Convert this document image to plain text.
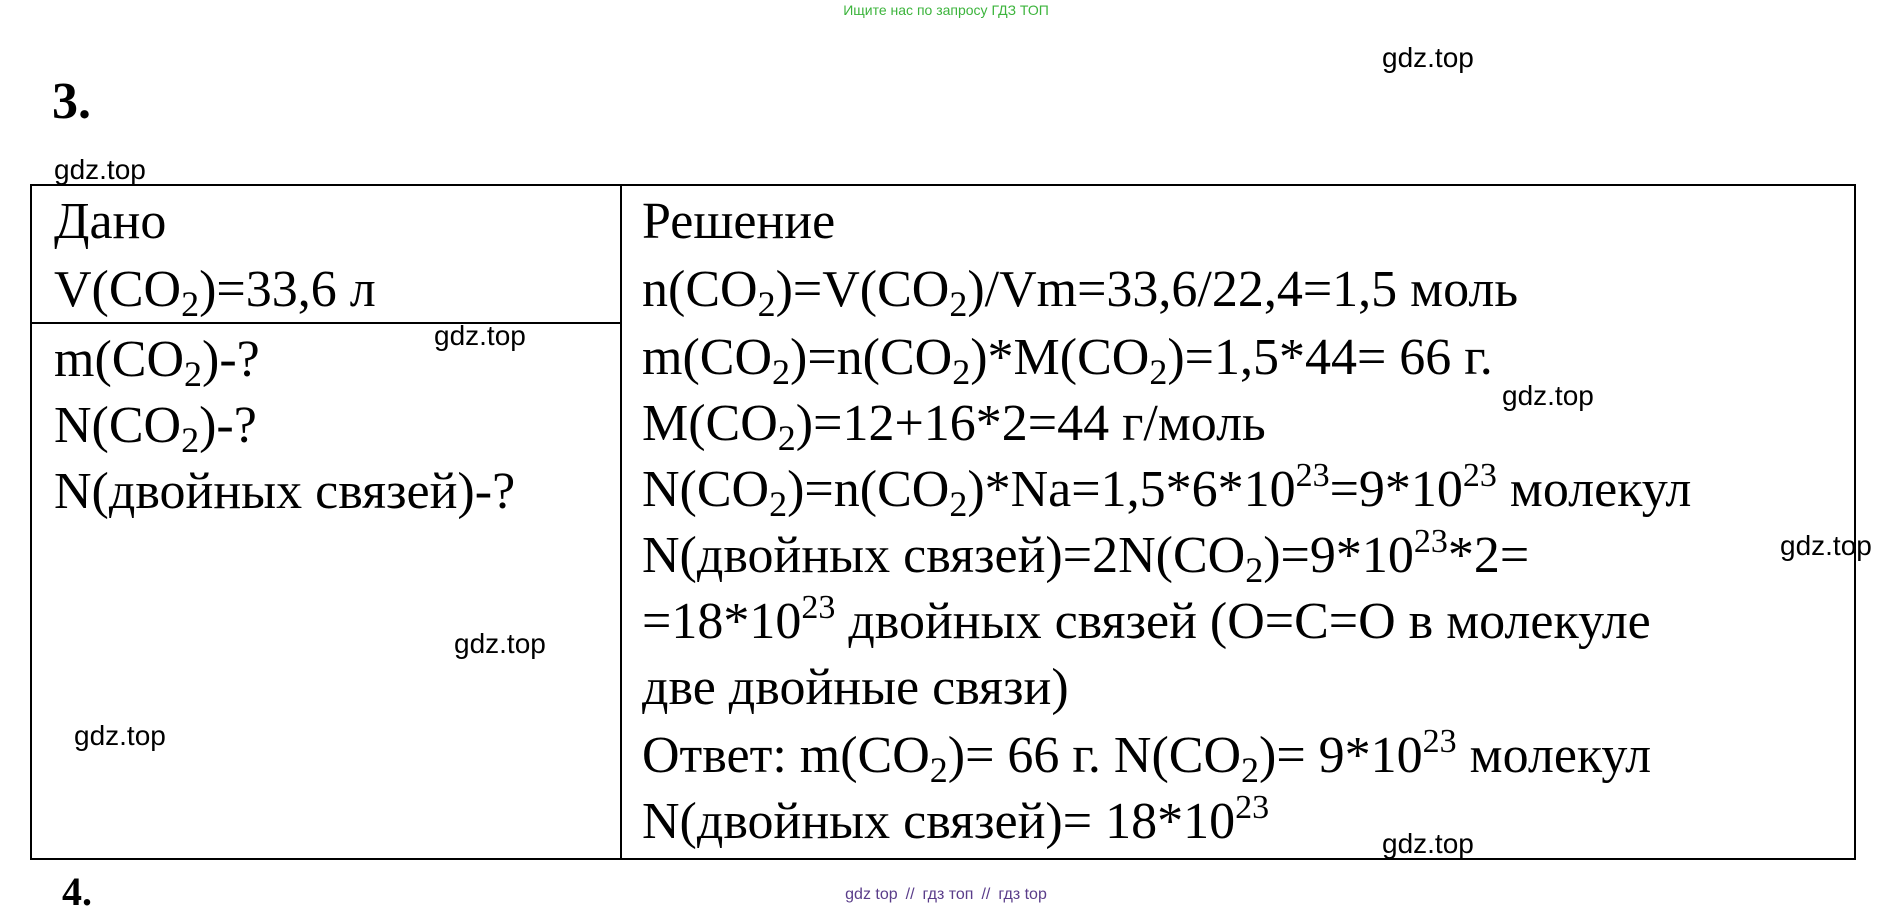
Ищите нас по запросу ГДЗ ТОП
3.
gdz.top
gdz.top
Дано
$V(CO_2)=33,6$ л
$m(CO_2)-$?
$N(CO_2)-$?
N(двойных связей)-?
Решение
$n(CO_2)=V(CO_2)/Vm=33,6/22,4=1,5$ моль
$m(CO_2)=n(CO_2)*M(CO_2)=1,5*44= 66$ г.
$M(CO_2)=12+16*2=44$ г/моль
$N(CO_2)=n(CO_2)*Na=1,5*6*10^{23}=9*10^{23}$ молекул
N(двойных $связей)=2N(CO_2)=9*10^{23}*2=$
$=18*10^{23}$ двойных связей (O=C=O в молекуле
две двойные связи)
Ответ: $m(CO_2)= 66$ г. $N(CO_2)= 9*10^{23}$ молекул
N(двойных связей)= $18*10^{23}$
gdz.top
gdz.top
gdz.top
gdz.top
gdz.top
gdz.top
4.	gdz top // гдз топ // гдз top
